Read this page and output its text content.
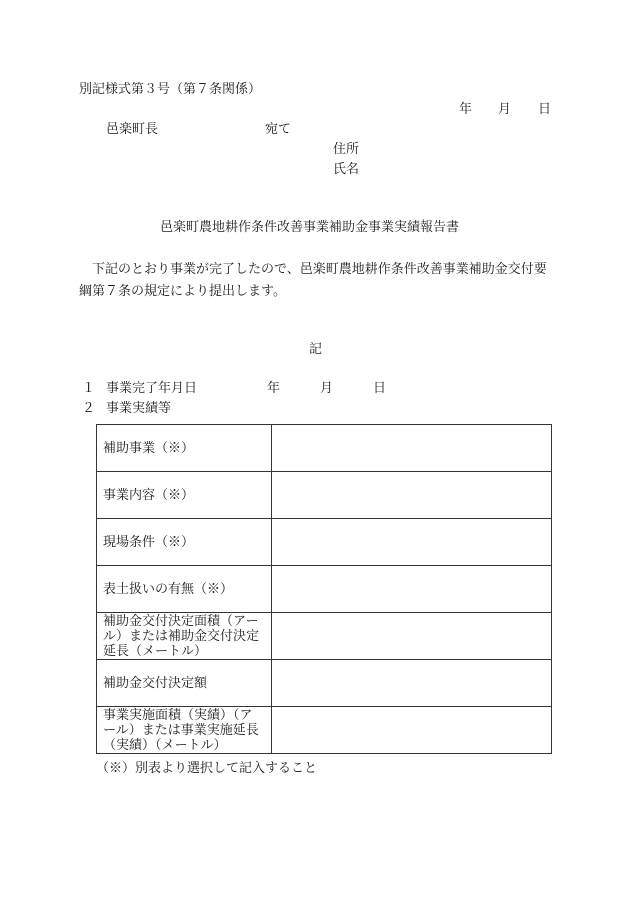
別記様式第３号（第７条関係）
年 月 日
邑楽町長	宛て
住所
氏名
邑楽町農地耕作条件改善事業補助金事業実績報告書
下記のとおり事業が完了したので、邑楽町農地耕作条件改善事業補助金交付要綱第７条の規定により提出します。
記
１ 事業完了年月日	年	月	日
２ 事業実績等
補助事業（※）	
事業内容（※）	
現場条件（※）	
表土扱いの有無（※）	
補助金交付決定面積（アール）または補助金交付決定延長（メートル）	
補助金交付決定額	
事業実施面積（実績）（アール）または事業実施延長（実績）（メートル）	
（※）別表より選択して記入すること
